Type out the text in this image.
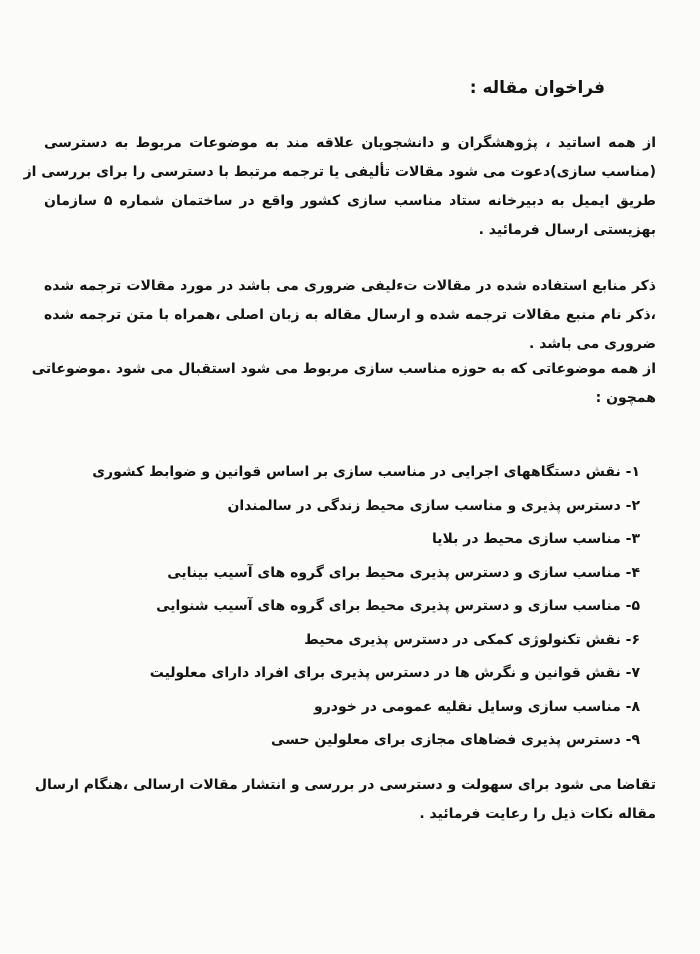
فراخوان مقاله :

از همه اساتید ، پژوهشگران و دانشجویان علاقه مند به موضوعات مربوط به دسترسی
(مناسب سازی)دعوت می شود مقالات تألیفی یا ترجمه مرتبط با دسترسی را برای بررسی از
طریق ایمیل به دبیرخانه ستاد مناسب سازی کشور واقع در ساختمان شماره ۵ سازمان
بهزیستی ارسال فرمائید .

ذکر منابع استفاده شده در مقالات تءلیفی ضروری می باشد در مورد مقالات ترجمه شده
،ذکر نام منبع مقالات ترجمه شده و ارسال مقاله به زبان اصلی ،همراه با متن ترجمه شده
ضروری می باشد .

از همه موضوعاتی که به حوزه مناسب سازی مربوط می شود استقبال می شود .موضوعاتی
همچون :

۱- نقش دستگاههای اجرایی در مناسب سازی بر اساس قوانین و ضوابط کشوری
۲- دسترس پذیری و مناسب سازی محیط زندگی در سالمندان
۳- مناسب سازی محیط در بلایا
۴- مناسب سازی و دسترس پذیری محیط برای گروه های آسیب بینایی
۵- مناسب سازی و دسترس پذیری محیط برای گروه های آسیب شنوایی
۶- نقش تکنولوژی کمکی در دسترس پذیری محیط
۷- نقش قوانین و نگرش ها در دسترس پذیری برای افراد دارای معلولیت
۸- مناسب سازی وسایل نقلیه عمومی در خودرو
۹- دسترس پذیری فضاهای مجازی برای معلولین حسی

تقاضا می شود برای سهولت و دسترسی در بررسی و انتشار مقالات ارسالی ،هنگام ارسال
مقاله نکات ذیل را رعایت فرمائید .
